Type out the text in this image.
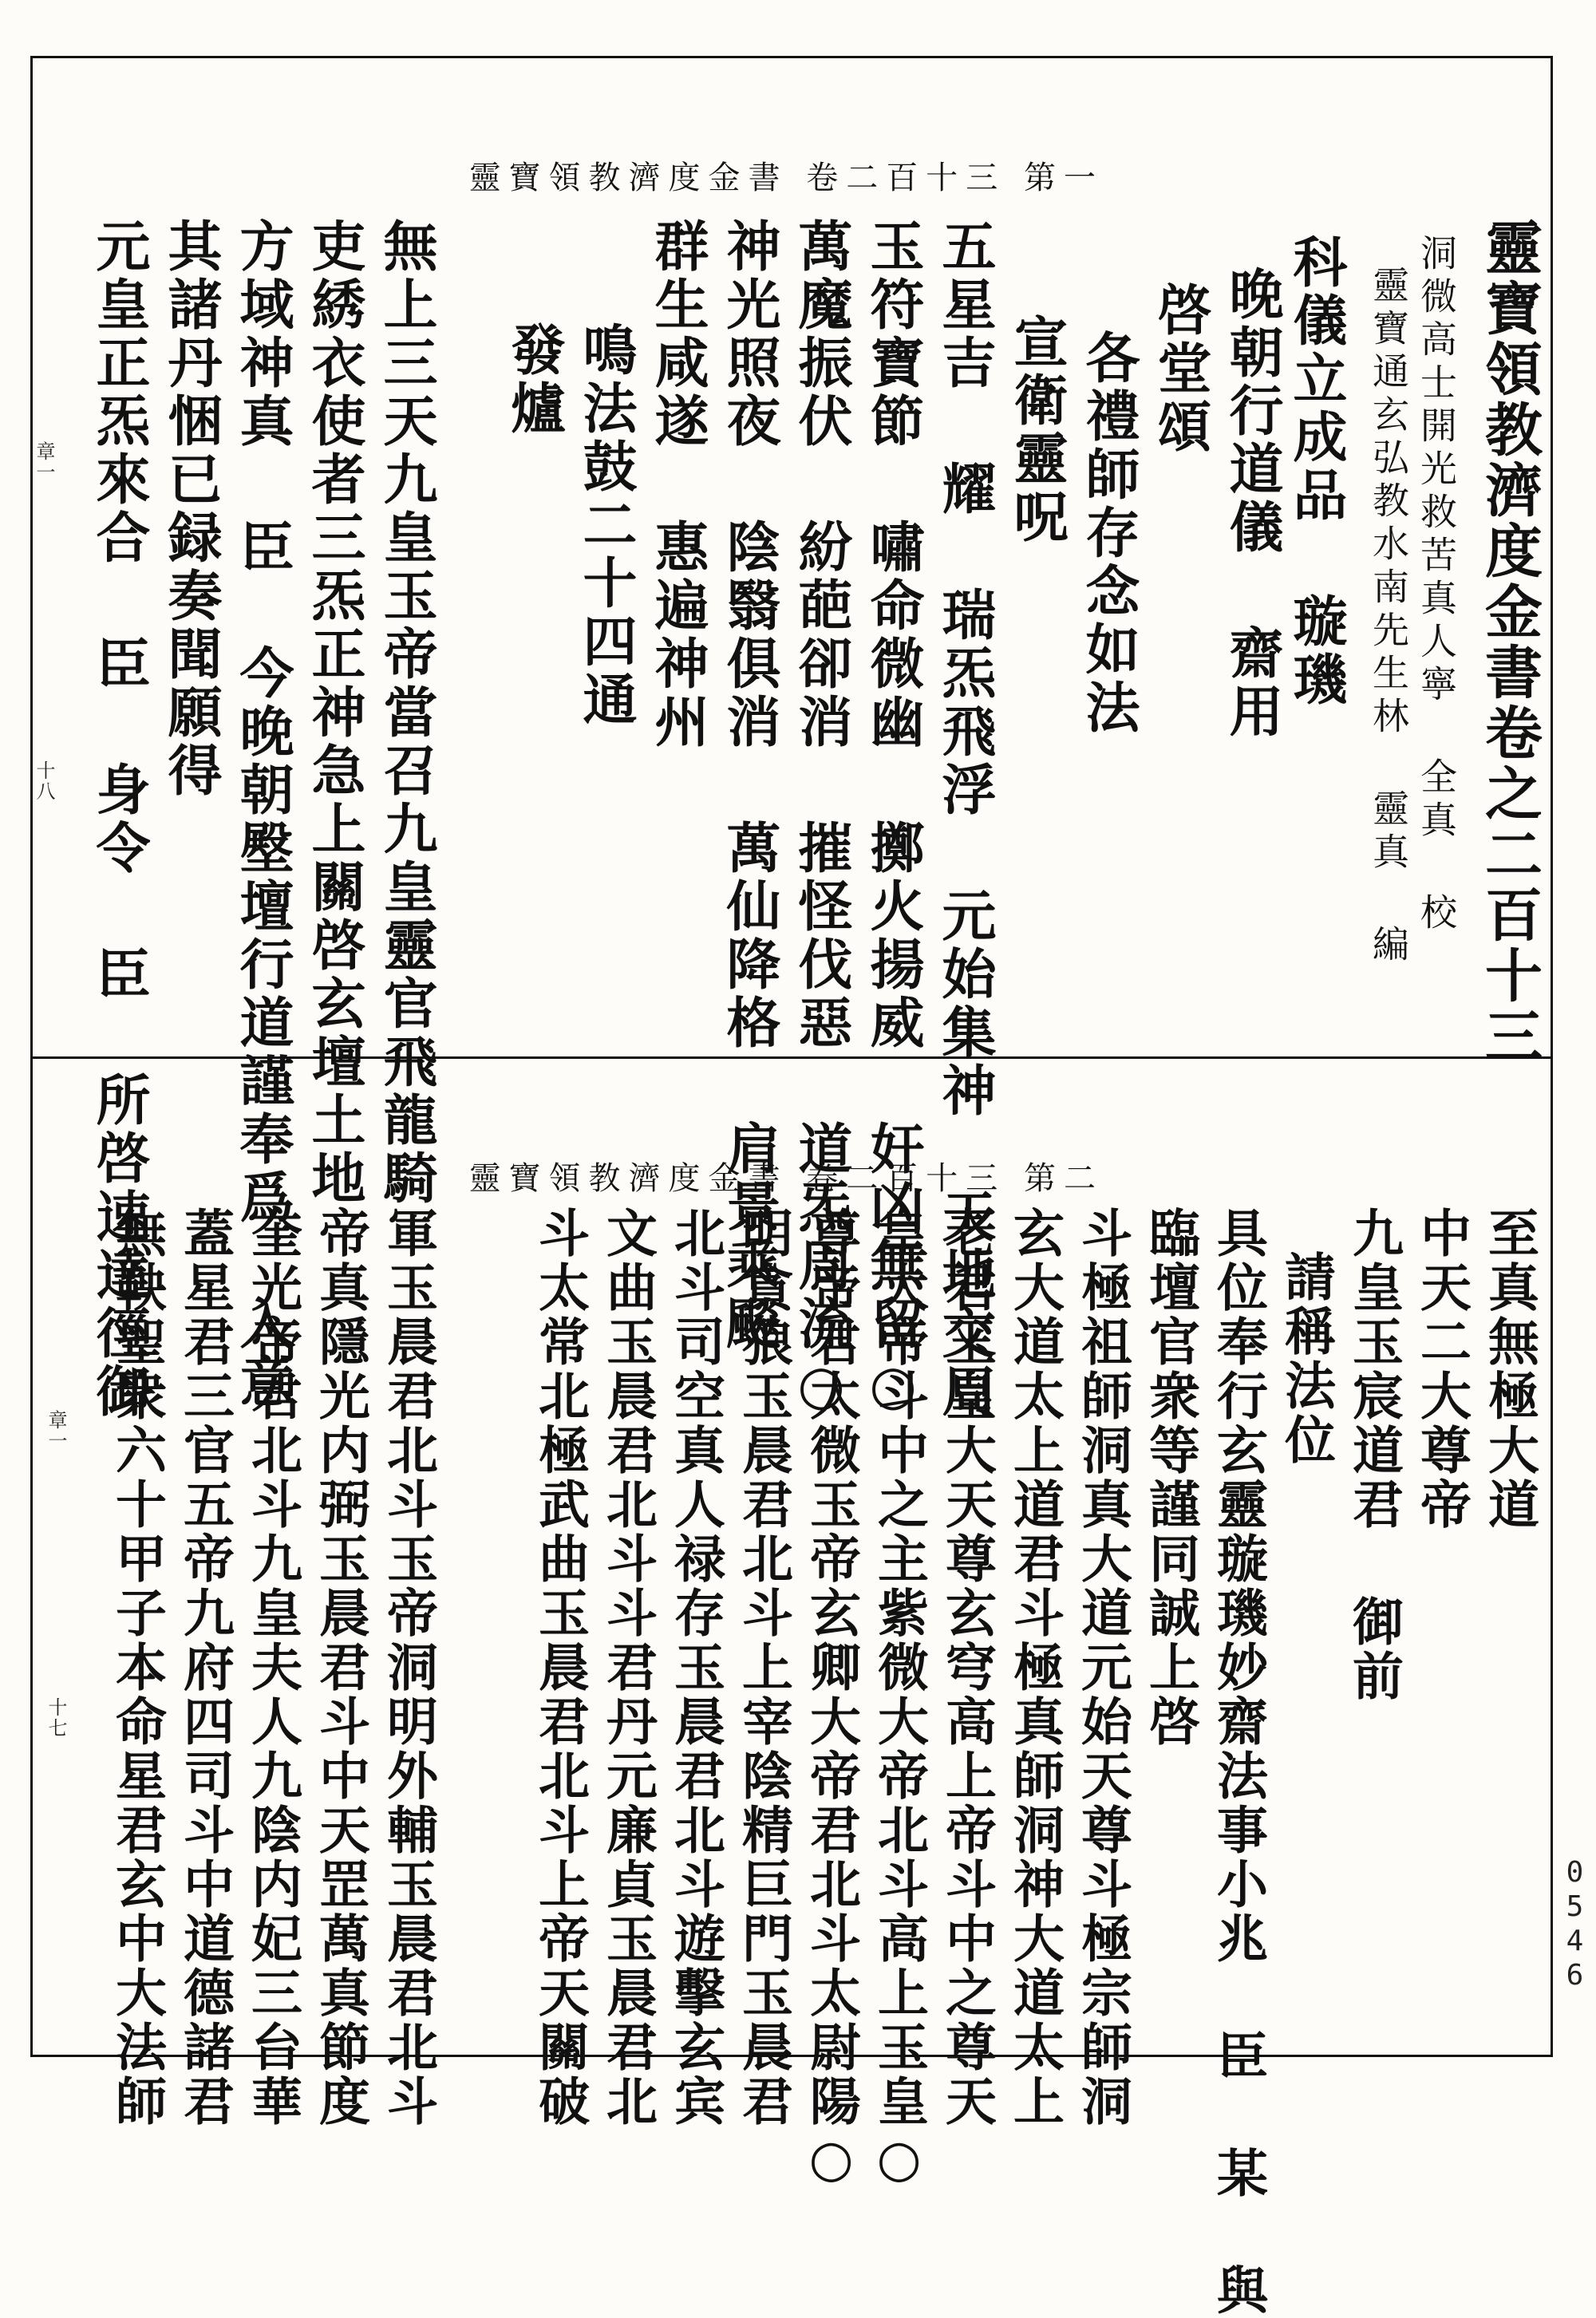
靈寶領教濟度金書 卷二百十三 第一
靈寶領教濟度金書卷之二百十三
洞微高士開光救苦真人寧 全真 校
靈寶通玄弘教水南先生林 靈真 編
科儀立成品 璇璣
晚朝行道儀 齋用
啓堂頌
各禮師存念如法
宣衛靈呪
五星吉 耀 瑞炁飛浮 元始集神 天地交周
玉符寶節 嘯命微幽 擲火揚威 奸凶無留○
萬魔振伏 紛葩卻消 摧怪伐惡 道炁周流○
神光照夜 陰翳俱消 萬仙降格 肩景乘飈
群生咸遂 惠遍神州
鳴法鼓二十四通
發爐
無上三天九皇玉帝當召九皇靈官飛龍騎
吏綉衣使者三炁正神急上關啓玄壇土地
方域神真 臣 今晚朝壂壇行道謹奉爲 入意
其諸丹悃已録奏聞願得
元皇正炁來合 臣 身令 臣 所啓速達徑御
章一
十八
靈寶領教濟度金書 卷二百十三 第二
至真無極大道
中天二大尊帝
九皇玉宸道君 御前
請稱法位
具位奉行玄靈璇璣妙齋法事小兆 臣 某 與
臨壇官衆等謹同誠上啓
斗極祖師洞真大道元始天尊斗極宗師洞
玄大道太上道君斗極真師洞神大道太上
老君玉皇大天尊玄穹高上帝斗中之尊天
皇大帝斗中之主紫微大帝北斗高上玉皇○
尊帝君太微玉帝玄卿大帝君北斗太尉陽○
明貪狼玉晨君北斗上宰陰精巨門玉晨君
北斗司空真人禄存玉晨君北斗遊擊玄宾
文曲玉晨君北斗斗君丹元廉貞玉晨君北
斗太常北極武曲玉晨君北斗上帝天關破
軍玉晨君北斗玉帝洞明外輔玉晨君北斗
帝真隱光内弼玉晨君斗中天罡萬真節度
奎光帝君北斗九皇夫人九陰内妃三台華
蓋星君三官五帝九府四司斗中道德諸君
無鞅聖衆六十甲子本命星君玄中大法師
章一
十七
0546
